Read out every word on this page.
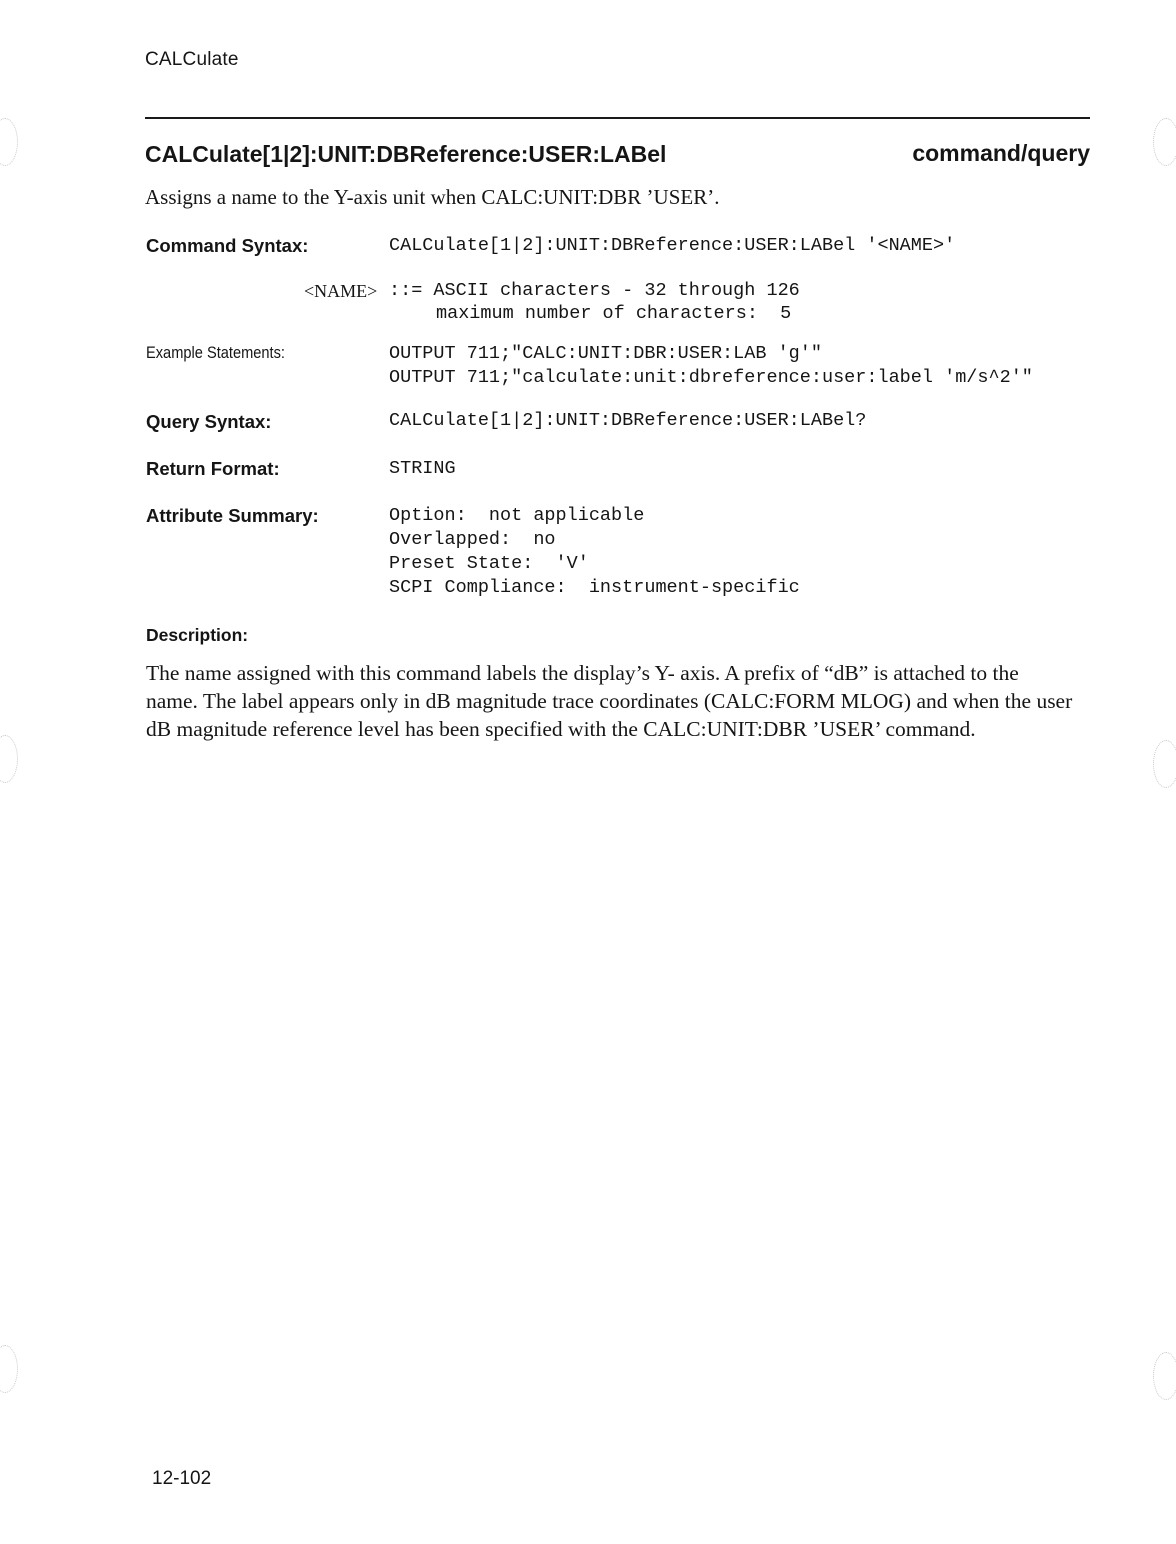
CALCulate
CALCulate[1|2]:UNIT:DBReference:USER:LABel	command/query
Assigns a name to the Y-axis unit when CALC:UNIT:DBR ’USER’.
Command Syntax:	CALCulate[1|2]:UNIT:DBReference:USER:LABel '<NAME>'
<NAME> ::= ASCII characters - 32 through 126
maximum number of characters:  5
Example Statements:	OUTPUT 711;"CALC:UNIT:DBR:USER:LAB 'g'"
OUTPUT 711;"calculate:unit:dbreference:user:label 'm/s^2'"
Query Syntax:	CALCulate[1|2]:UNIT:DBReference:USER:LABel?
Return Format:	STRING
Attribute Summary:	Option:  not applicable
Overlapped:  no
Preset State:  'V'
SCPI Compliance:  instrument-specific
Description:
The name assigned with this command labels the display’s Y- axis. A prefix of “dB” is attached to the name. The label appears only in dB magnitude trace coordinates (CALC:FORM MLOG) and when the user dB magnitude reference level has been specified with the CALC:UNIT:DBR ’USER’ command.
12-102
